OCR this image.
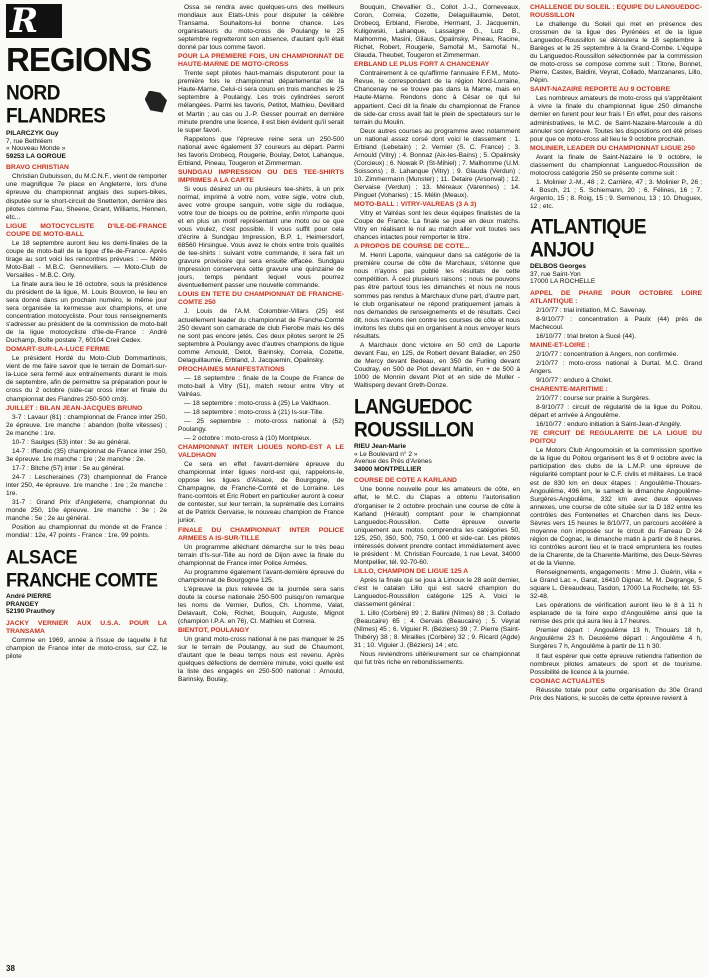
R
REGIONS
NORD FLANDRES
PILARCZYK Guy
7, rue Bethléem
« Nouveau Monde »
59253 LA GORGUE

BRAVO CHRISTIAN

Christian Dubuisson, du M.C.N.F., vient de remporter une magnifique 7e place en Angleterre, lors d'une épreuve du championnat anglais des supers-bikes, disputée sur le short-circuit de Snetterton, derrière des pilotes comme Fau, Sheene, Grant, Williams, Hennen, etc...

LIGUE MOTOCYCLISTE D'ILE-DE-FRANCE COUPE DE MOTO-BALL

Le 18 septembre auront lieu les demi-finales de la coupe de moto-ball de la ligue d'Ile-de-France. Après tirage au sort voici les rencontres prévues : — Métro Moto-Ball - M.B.C. Genneviliers. — Moto-Club de Versailles - M.B.C. Orly.

La finale aura lieu le 16 octobre, sous la présidence du président de la ligue, M. Louis Bouvron, le lieu en sera donné dans un prochain numéro, le même jour sera organisée la kermesse aux champions, et une concentration motocycliste. Pour tous renseignements s'adresser au président de la commission de moto-ball de la ligue motocycliste d'Ile-de-France : André Duchamp, Boîte postale 7, 60104 Creil Cedex.

DOMART-SUR-LA-LUCE FERME

Le président Hordé du Moto-Club Dommartinois, vient de me faire savoir que le terrain de Domart-sur-la-Luce sera fermé aux entraînements durant le mois de septembre, afin de permettre sa préparation pour le cross du 2 octobre (side-car cross inter et finale du championnat des Flandres 250-500 cm3).

JUILLET : BILAN JEAN-JACQUES BRUNO

3-7 : Lavaur (81) : championnat de France inter 250, 2e épreuve. 1re manche : abandon (boîte vitesses) ; 2e manche : 1re.

10-7 : Saulges (53) inter : 3e au général.

14-7 : Iffendic (35) championnat de France inter 250, 3e épreuve. 1re manche : 1re ; 2e manche : 2e.

17-7 : Bitche (57) inter : 5e au général.

24-7 : Lescheraines (73) championnat de France inter 250, 4e épreuve. 1re manche : 1re ; 2e manche : 1re.

31-7 : Grand Prix d'Angleterre, championnat du monde 250, 10e épreuve. 1re manche : 3e ; 2e manche : 5e ; 2e au général.

Position au championnat du monde et de France : mondial : 12e, 47 points - France : 1re, 99 points.

ALSACE
FRANCHE COMTE
André PIERRE
PRANGEY
52190 Prauthoy

JACKY VERNIER AUX U.S.A. POUR LA TRANSAMA

Comme en 1969, année à l'issue de laquelle il fut champion de France inter de moto-cross, sur CZ, le pilote

Ossa se rendra avec quelques-uns des meilleurs mondiaux aux Etats-Unis pour disputer la célèbre Transama. Souhaitons-lui bonne chance. Les organisateurs du moto-cross de Poulangy le 25 septembre regretteront son absence, d'autant qu'il était donné par tous comme favori.

POUR LA PREMIERE FOIS, UN CHAMPIONNAT DE HAUTE-MARNE DE MOTO-CROSS

Trente sept pilotes haut-marnais disputeront pour la première fois le championnat départemental de la Haute-Marne. Celui-ci sera couru en trois manches le 25 septembre à Poulangy. Les trois cylindrées seront mélangées. Parmi les favoris, Petitot, Mathieu, Devillard et Martin ; au cas ou J.-P. Gesser pourrait en dernière minute prendre une licence, il est bien évident qu'il serait le super favori.

Rappelons que l'épreuve reine sera un 250-500 national avec également 37 coureurs au départ. Parmi les favoris Drobecq, Rougerie, Boulay, Detot, Lahanque, Erbland, Pineau, Tougeron et Zimmerman.

SUNDGAU IMPRESSION OU DES TEE-SHIRTS IMPRIMES A LA CARTE

Si vous désirez un ou plusieurs tee-shirts, à un prix normal, imprimé à votre nom, votre sigle, votre club, avec votre groupe sanguin, votre sigle du rodiaque, votre tour de biceps ou de poitrine, enfin n'importe quoi et en plus un motif représentant une moto ou ce que vous voulez, c'est possible. Il vous suffit pour cela d'écrire à Sundgau Impression, B.P. 1, Heimersdorf, 68560 Hirsingue. Vous avez le choix entre trois qualités de tee-shirts : suivant votre commande, il sera fait un gravure provisoire qui sera ensuite effacée. Sundgau Impression conservera cette gravure une quinzaine de jours, temps pendant lequel vous pourrez éventuellement passer une nouvelle commande.

LOUIS EN TETE DU CHAMPIONNAT DE FRANCHE-COMTE 250

J. Louis de l'A.M. Colombier-Villars (25) est actuellement leader du championnat de Franche-Comté 250 devant son camarade de club Fierobe mais les dés ne sont pas encore jetés. Ces deux pilotes seront le 25 septembre à Poulangy avec d'autres champions de ligue comme Arnould, Detot, Barinsky, Correia, Cozette, Delaguillaumie, Erbland, J. Jacquemin, Opalinsky.

PROCHAINES MANIFESTATIONS

— 18 septembre : finale de la Coupe de France de moto-ball à Vitry (51), match retour entre Vitry et Valréas.

— 18 septembre : moto-cross à (25) Le Valdhaon.

— 18 septembre : moto-cross à (21) Is-sur-Tille.

— 25 septembre : moto-cross national à (52) Poulangy.

— 2 octobre : moto-cross à (10) Montpieux.

CHAMPIONNAT INTER LIGUES NORD-EST A LE VALDHAON

Ce sera en effet l'avant-dernière épreuve du championnat inter ligues nord-est qui, rappelons-le, oppose les ligues d'Alsace, de Bourgogne, de Champagne, de Franche-Comté et de Lorraine. Les franc-comtois et Eric Robert en particulier auront à coeur de contester, sur leur terrain, la suprématie des Lorrains et de Patrick Gervaise, le nouveau champion de France junior.

FINALE DU CHAMPIONNAT INTER POLICE ARMEES A IS-SUR-TILLE

Un programme alléchant démarche sur le très beau terrain d'Is-sur-Tille au nord de Dijon avec la finale du championnat de France inter Police Armées.

Au programme également l'avant-dernière épreuve du championnat de Bourgogne 125.

L'épreuve la plus relevée de la journée sera sans doute la course nationale 250-500 puisqu'on remarque les noms de Vernier, Duflos, Ch. Lhomme, Valat, Delavault, Cole, Richet, Bouquin, Auguste, Mignot (champion I.P.A. en 76), Cl. Mathieu et Correia.

BIENTOT, POULANGY

Un grand moto-cross national à ne pas manquer le 25 sur le terrain de Poulangy, au sud de Chaumont, d'autant que le beau temps nous est revenu. Après quelques défections de dernière minute, voici quelle est la liste des engagés en 250-500 national : Arnould, Barinsky, Boulay,

Bouquin, Chevallier G., Collot J.-J., Corneveaux, Coron, Correia, Cozette, Delaguillaumie, Detot, Drobecq, Erbland, Fierobe, Hermant, J. Jacquemin, Kuligowski, Lahanque, Lassaigne G., Lutz B., Malhomme, Masini, Gilaus, Opalinsky, Pineau, Racine, Richet, Robert, Rougerie, Samofal M., Samofal N., Glauda, Theubet, Tougeron et Zimmerman.

ERBLAND LE PLUS FORT A CHANCENAY

Contrairement à ce qu'affirme l'annuaire F.F.M., Moto-Revue, le correspondant de la région Nord-Lorraine, Chancenay ne se trouve pas dans la Marne, mais en Haute-Marne. Rendons donc à César ce qui lui appartient. Ceci dit la finale du championnat de France de side-car cross avait fait le plein de spectateurs sur le terrain du Moulin.

Deux autres courses au programme avec notamment un national assez corsé dont voici le classement : 1. Erbland (Lebetain) ; 2. Vernier (S. C. France) ; 3. Arnould (Vitry) ; 4. Bonnaz (Aix-les-Bains) ; 5. Opalinsky (Corcieux) ; 6. Nowak P. (St-Mihiel) ; 7. Malhomme (U.M. Soissons) ; 8. Lahanque (Vitry) ; 9. Glauda (Verdun) ; 10. Zimmermann (Munster) ; 11. Detaire (Arsonval) ; 12. Gervaise (Verdun) ; 13. Méreaux (Varennes) ; 14. Pinguet (Voharies) ; 15. Mélin (Meaux).

MOTO-BALL : VITRY-VALREAS (3 A 3)

Vitry et Valréas sont les deux équipes finalistes de la Coupe de France. La finale se joue en deux matchs. Vitry en réalisant le nul au match aller voit toutes ses chances intactes pour remporter le titre.

A PROPOS DE COURSE DE COTE...

M. Henri Laporte, vainqueur dans sa catégorie de la première course de côte de Marchaux, s'étonne que nous n'ayons pas publié les résultats de cette compétition. À ceci plusieurs raisons ; nous ne pouvons pas être partout tous les dimanches et nous ne nous sommes pas rendus à Marchaux d'une part, d'autre part, le club organisateur ne répond pratiquement jamais à nos demandes de renseignements et de résultats. Ceci dit, nous n'avons rien contre les courses de côte et nous invitons les clubs qui en organisent à nous envoyer leurs résultats.

A Marchaux donc victoire en 50 cm3 de Laporte devant Fau, en 125, de Robert devant Baladier, en 250 de Mercy devant Bedeau, en 350 de Furling devant Coudray, en 500 de Piot devant Martin, en + de 500 à 1000 de Monnin devant Piot et en side de Muller - Waltisperg devant Greth-Donze.

LANGUEDOC
ROUSSILLON
RIEU Jean-Marie
« Le Boulevard n° 2 »
Avenue des Prés d'Arènes
34000 MONTPELLIER

COURSE DE COTE A KARLAND

Une bonne nouvelle pour les amateurs de côte, en effet, le M.C. du Clapas a obtenu l'autorisation d'organiser le 2 octobre prochain une course de côte à Karland (Hérault) comptant pour le championnat Languedoc-Roussillon. Cette épreuve ouverte uniquement aux motos comprendra les catégories 50, 125, 250, 350, 500, 750, 1 000 et side-car. Les pilotes intéressés doivent prendre contact immédiatement avec le président : M. Christian Fourcade, 1 rue Levat, 34000 Montpellier, tél. 92-70-60.

LILLO, CHAMPION DE LIGUE 125 A

Après la finale qui se joua à Limoux le 28 août dernier, c'est le catalan Lillo qui est sacré champion du Languedoc-Roussillon catégorie 125 A. Voici le classement général :

1. Lillo (Corbère) 89 ; 2. Ballini (Nîmes) 88 ; 3. Collado (Beaucaire) 65 ; 4. Gervais (Beaucaire) ; 5. Veyrat (Nîmes) 45 ; 6. Viguier R. (Béziers) 39 ; 7. Pierre (Saint-Thibéry) 38 ; 8. Mirailles (Corbère) 32 ; 9. Ricard (Agde) 31 ; 10. Viguier J. (Béziers) 14 ; etc.

Nous reviendrons ultérieurement sur ce championnat qui fut très riche en rebondissements.

CHALLENGE DU SOLEIL : EQUIPE DU LANGUEDOC-ROUSSILLON

Le challenge du Soleil qui met en présence des crossmen de la ligue des Pyrénées et de la ligue Languedoc-Roussillon se déroulera le 18 septembre à Barèges et le 25 septembre à la Grand-Combe. L'équipe du Languedoc-Roussillon sélectionnée par la commission de moto-cross se compose comme suit : Titone, Bonnet, Pierre, Castex, Baldini, Veyrat, Collado, Manzanares, Lillo, Pépin.

SAINT-NAZAIRE REPORTE AU 9 OCTOBRE

Les nombreux amateurs de moto-cross qui s'apprêtaient à vivre la finale du championnat ligue 250 dimanche dernier en furent pour leur frais ! En effet, pour des raisons administratives, le M.C. de Saint-Nazaire-Marcoule a dû annuler son épreuve. Toutes les dispositions ont été prises pour que ce moto-cross ait lieu le 9 octobre prochain.

MOLINIER, LEADER DU CHAMPIONNAT LIGUE 250

Avant la finale de Saint-Nazaire le 9 octobre, le classement du championnat Languedoc-Roussillon de motocross catégorie 250 se présente comme suit :

1. Molinier J.-M., 48 ; 2. Carrière, 47 ; 3. Molinier P., 26 ; 4. Bosch, 21 ; 5. Schiemann, 20 ; 6. Félines, 16 ; 7. Argento, 15 ; 8. Roig, 15 ; 9. Semenou, 13 ; 10. Dhuguex, 12 ; etc.

ATLANTIQUE
ANJOU
DELBOS Georges
37, rue Saint-Yon
17000 LA ROCHELLE

APPEL DE PHARE POUR OCTOBRE LOIRE ATLANTIQUE :

2/10/77 : trial initiation, M.C. Savenay.

8-9/10/77 : concentration à Paulx (44) près de Machecoul.

16/10/77 : trial breton à Sucé (44).

MAINE-ET-LOIRE :

2/10/77 : concentration à Angers, non confirmée.

2/10/77 : moto-cross national à Durtal, M.C. Grand Angers.

9/10/77 : enduro à Cholet.

CHARENTE-MARITIME :

2/10/77 : course sur prairie à Surgères.

8-9/10/77 : circuit de régularité de la ligue du Poitou, départ et arrivée à Angoulême.

16/10/77 : enduro initiation à Saint-Jean-d'Angély.

7E CIRCUIT DE REGULARITE DE LA LIGUE DU POITOU

Le Motors Club Angoumoisin et la commission sportive de la ligue du Poitou organisent les 8 et 9 octobre avec la participation des clubs de la L.M.P. une épreuve de régularité comptant pour le C.F. civils et militaires. Le tracé est de 830 km en deux étapes : Angoulême-Thouars-Angoulême, 496 km, le samedi le dimanche Angoulême-Surgères-Angoulême, 332 km avec deux épreuves annexes, une course de côte située sur la D 182 entre les contrôles des Fontenelles et Charchen dans les Deux-Sèvres vers 15 heures le 8/10/77, un parcours accéléré à moyenne non imposée sur le circuit du Farreau D 24 région de Cognac, le dimanche matin à partir de 8 heures. Ici contrôles auront lieu et le tracé empruntera les routes de la Charente, de la Charente-Maritime, des Deux-Sèvres et de la Vienne.

Renseignements, engagements : Mme J. Guérin, villa « Le Grand Lac », Garat, 16410 Dignac. M. M. Degrange, 5 square L. Gireaudeau, Tasdon, 17000 La Rochelle, tél. 53-32-48.

Les opérations de vérification auront lieu le 8 à 11 h esplanade de la foire expo d'Angoulême ainsi que la remise des prix qui aura lieu à 17 heures.

Premier départ : Angoulême 13 h, Thouars 18 h, Angoulême 23 h. Deuxième départ : Angoulême 4 h, Surgères 7 h, Angoulême à partir de 11 h 30.

Il faut espérer que cette épreuve retiendra l'attention de nombreux pilotes amateurs de sport et de tourisme. Possibilité de licence à la journée.

COGNAC ACTUALITES

Réussite totale pour cette organisation du 30e Grand Prix des Nations, le succès de cette épreuve revient à

38
